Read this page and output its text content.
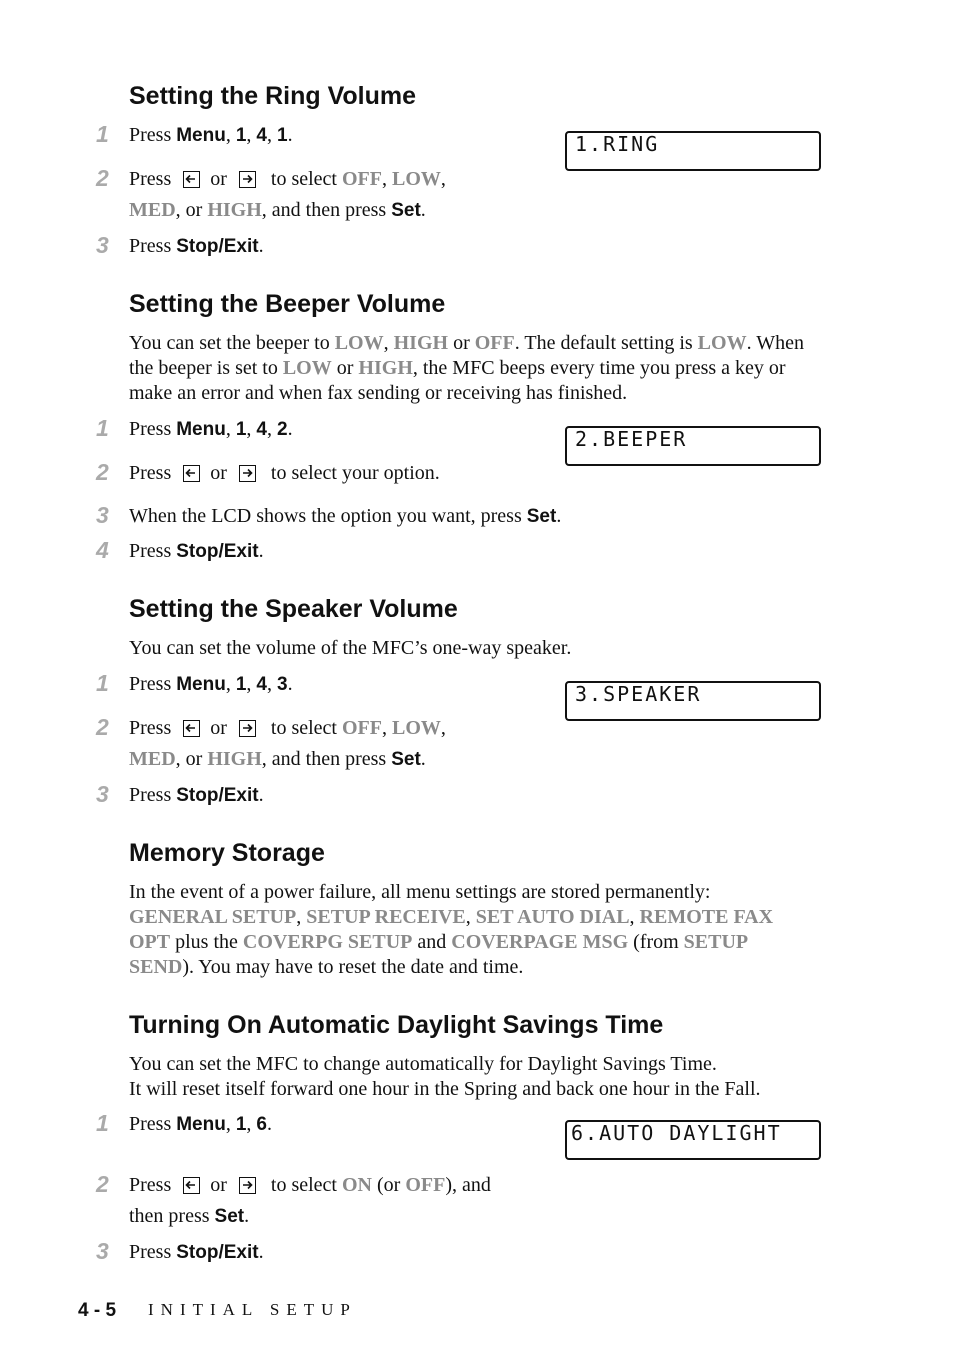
Setting the Ring Volume
1	Press Menu, 1, 4, 1.	1.RING
2	Press or
to select OFF, LOW,
MED, or HIGH, and then press Set.
3	Press Stop/Exit.
Setting the Beeper Volume

You can set the beeper to LOW, HIGH or OFF. The default setting is LOW. When the beeper is set to LOW or HIGH, the MFC beeps every time you press a key or make an error and when fax sending or receiving has finished.

1	Press Menu, 1, 4, 2.	2.BEEPER
2	Press or
to select your option.
3	When the LCD shows the option you want, press Set.
4	Press Stop/Exit.
Setting the Speaker Volume

You can set the volume of the MFC’s one-way speaker.

1	Press Menu, 1, 4, 3.	3.SPEAKER
2	Press or
to select OFF, LOW,
MED, or HIGH, and then press Set.
3	Press Stop/Exit.
Memory Storage

In the event of a power failure, all menu settings are stored permanently: GENERAL SETUP, SETUP RECEIVE, SET AUTO DIAL, REMOTE FAX OPT plus the COVERPG SETUP and COVERPAGE MSG (from SETUP SEND). You may have to reset the date and time.

Turning On Automatic Daylight Savings Time
You can set the MFC to change automatically for Daylight Savings Time.
It will reset itself forward one hour in the Spring and back one hour in the Fall.
1	Press Menu, 1, 6.	6.AUTO DAYLIGHT
2	Press or
to select ON (or OFF), and
then press Set.
3	Press Stop/Exit.
4 - 5 INITIAL SETUP
